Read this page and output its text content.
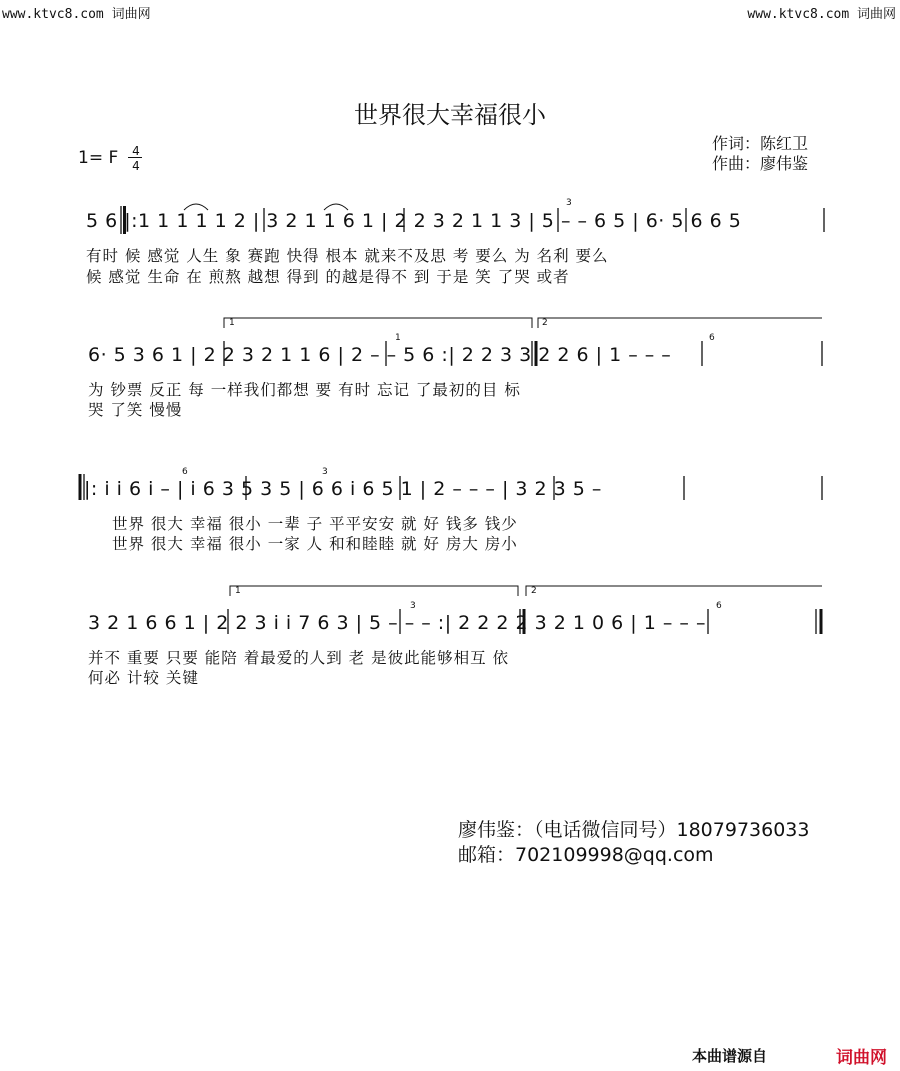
www.ktvc8.com 词曲网	www.ktvc8.com 词曲网
世界很大幸福很小
作词：陈红卫
作曲：廖伟鉴
1= F 4
4
5 6 |:1 1 1 1 1 2 | 3 2 1 1 6 1 | 2 2 3 2 1 1 3 | 5 – – 6 5 | 6· 5 6 6 5
有时 候 感觉 人生 象 赛跑 快得 根本 就来不及思 考 要么 为 名利 要么
候 感觉 生命 在 煎熬 越想 得到 的越是得不 到 于是 笑 了哭 或者
1	2
6· 5 3 6 1 | 2 2 3 2 1 1 6 | 2 – – 5 6 :| 2 2 3 3 2 2 6 | 1 – – –
为 钞票 反正 每 一样我们都想 要 有时 忘记 了最初的目 标
哭 了笑 慢慢
|: i i 6 i – | i 6 3 5 3 5 | 6 6 i 6 5 1 | 2 – – – | 3 2 3 5 –
世界 很大 幸福 很小 一辈 子 平平安安 就 好 钱多 钱少
世界 很大 幸福 很小 一家 人 和和睦睦 就 好 房大 房小
1	2
3 2 1 6 6 1 | 2 2 3 i i 7 6 3 | 5 – – – :| 2 2 2 2 3 2 1 0 6 | 1 – – –
并不 重要 只要 能陪 着最爱的人到 老 是彼此能够相互 依
何必 计较 关键
3
1	6
6	3
3	6
廖伟鉴：（电话微信同号）18079736033
邮箱：702109998@qq.com
本曲谱源自	词曲网
